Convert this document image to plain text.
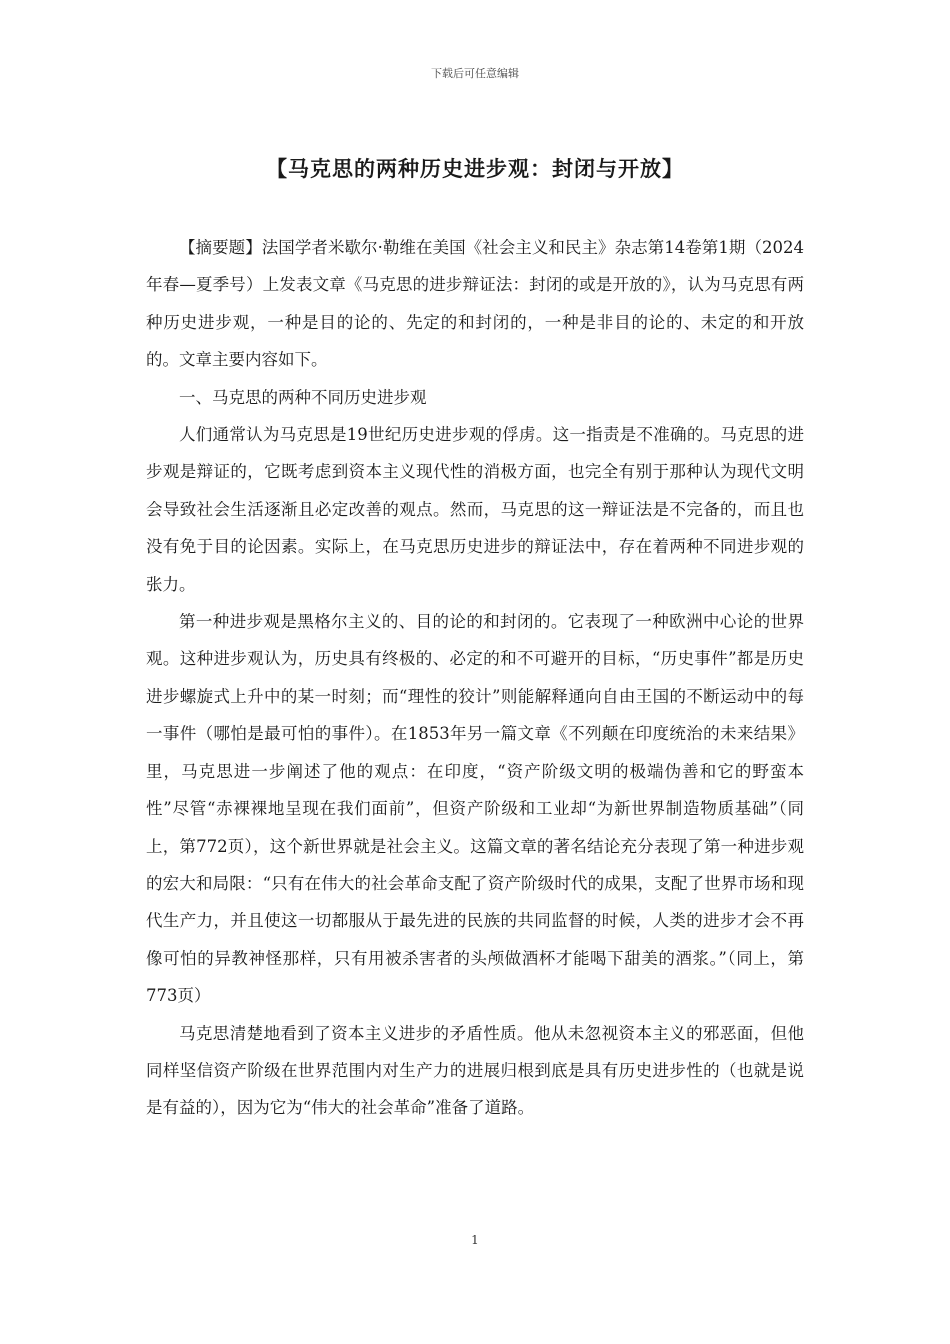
下载后可任意编辑
【马克思的两种历史进步观：封闭与开放】

【摘要题】法国学者米歇尔·勒维在美国《社会主义和民主》杂志第14卷第1期（2024年春—夏季号）上发表文章《马克思的进步辩证法：封闭的或是开放的》，认为马克思有两种历史进步观，一种是目的论的、先定的和封闭的，一种是非目的论的、未定的和开放的。文章主要内容如下。

一、马克思的两种不同历史进步观

人们通常认为马克思是19世纪历史进步观的俘虏。这一指责是不准确的。马克思的进步观是辩证的，它既考虑到资本主义现代性的消极方面，也完全有别于那种认为现代文明会导致社会生活逐渐且必定改善的观点。然而，马克思的这一辩证法是不完备的，而且也没有免于目的论因素。实际上，在马克思历史进步的辩证法中，存在着两种不同进步观的张力。

第一种进步观是黑格尔主义的、目的论的和封闭的。它表现了一种欧洲中心论的世界观。这种进步观认为，历史具有终极的、必定的和不可避开的目标，“历史事件”都是历史进步螺旋式上升中的某一时刻；而“理性的狡计”则能解释通向自由王国的不断运动中的每一事件（哪怕是最可怕的事件）。在1853年另一篇文章《不列颠在印度统治的未来结果》里，马克思进一步阐述了他的观点：在印度，“资产阶级文明的极端伪善和它的野蛮本性”尽管“赤裸裸地呈现在我们面前”，但资产阶级和工业却“为新世界制造物质基础”（同上，第772页），这个新世界就是社会主义。这篇文章的著名结论充分表现了第一种进步观的宏大和局限：“只有在伟大的社会革命支配了资产阶级时代的成果，支配了世界市场和现代生产力，并且使这一切都服从于最先进的民族的共同监督的时候，人类的进步才会不再像可怕的异教神怪那样，只有用被杀害者的头颅做酒杯才能喝下甜美的酒浆。”（同上，第773页）

马克思清楚地看到了资本主义进步的矛盾性质。他从未忽视资本主义的邪恶面，但他同样坚信资产阶级在世界范围内对生产力的进展归根到底是具有历史进步性的（也就是说是有益的），因为它为“伟大的社会革命”准备了道路。

1
